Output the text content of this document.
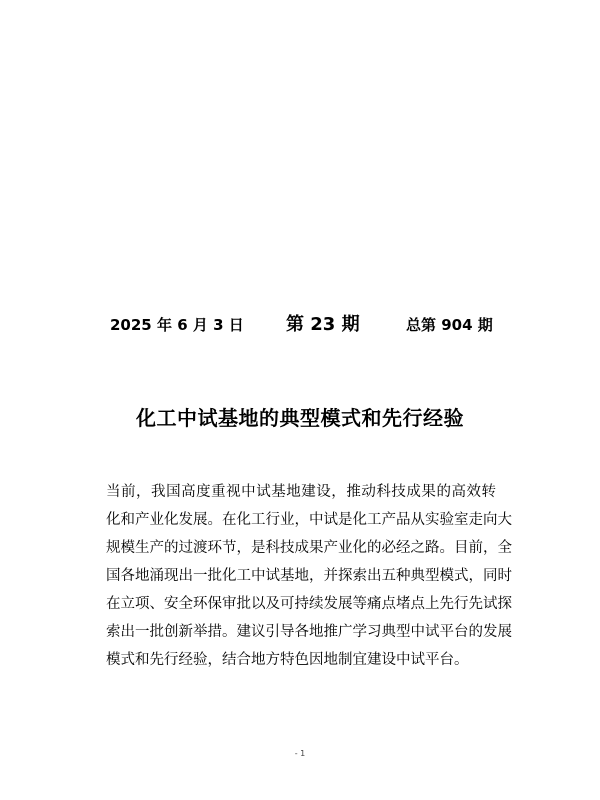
2025 年 6 月 3 日 第 23 期	总第 904 期
化工中试基地的典型模式和先行经验
当前，我国高度重视中试基地建设，推动科技成果的高效转
化和产业化发展。在化工行业，中试是化工产品从实验室走向大
规模生产的过渡环节，是科技成果产业化的必经之路。目前，全
国各地涌现出一批化工中试基地，并探索出五种典型模式，同时
在立项、安全环保审批以及可持续发展等痛点堵点上先行先试探
索出一批创新举措。建议引导各地推广学习典型中试平台的发展
模式和先行经验，结合地方特色因地制宜建设中试平台。
- 1
